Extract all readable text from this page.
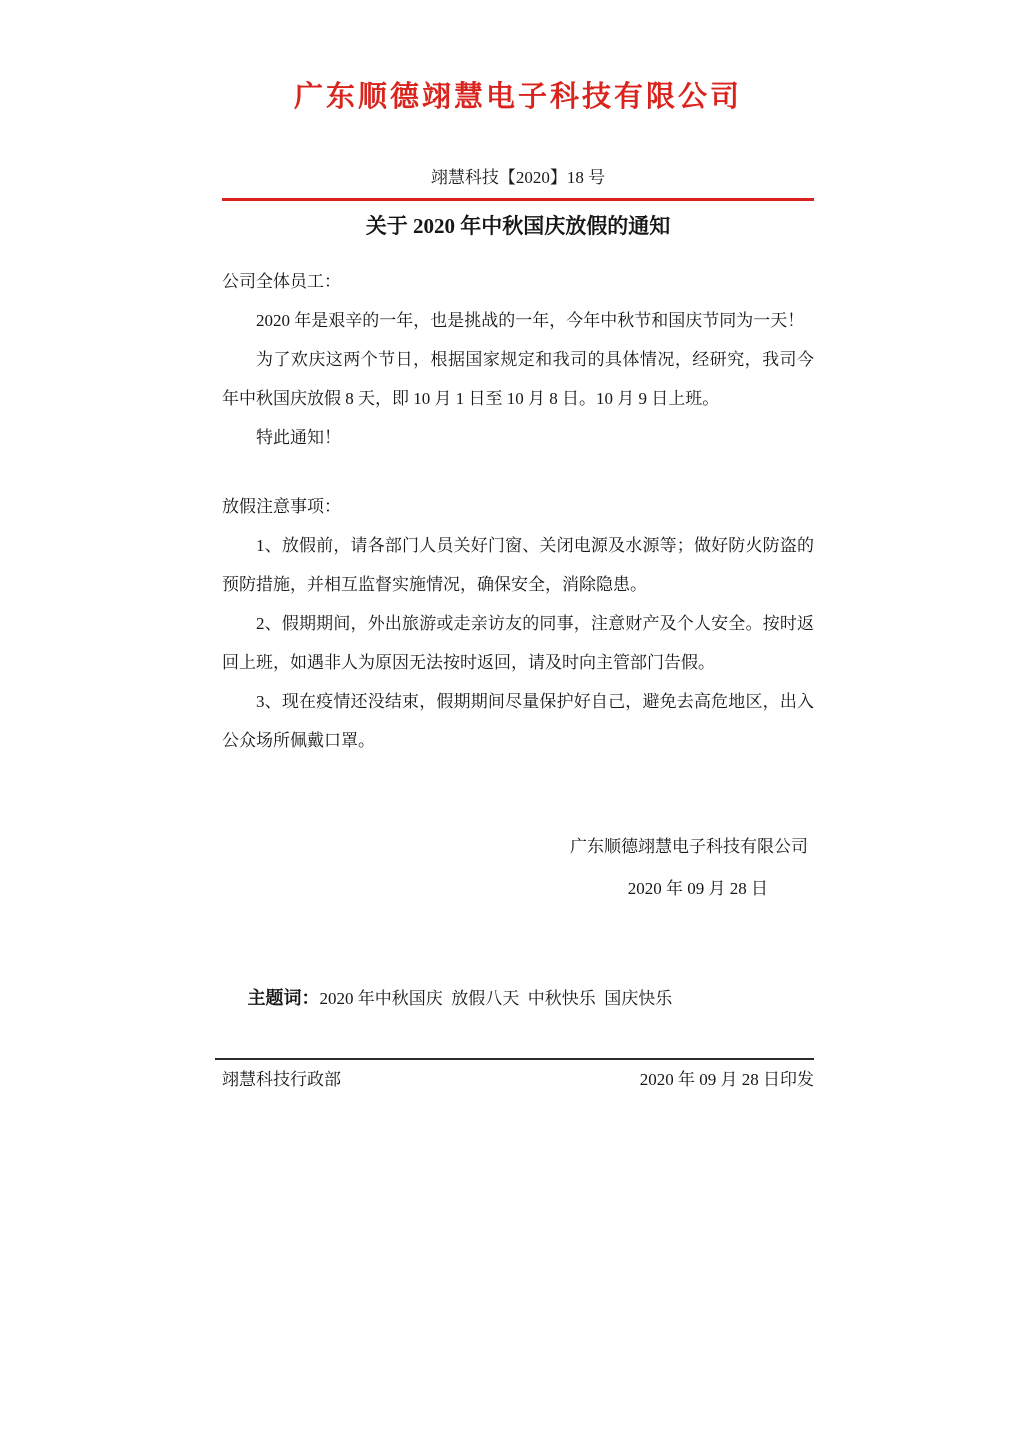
广东顺德翊慧电子科技有限公司
翊慧科技【2020】18 号
关于 2020 年中秋国庆放假的通知
公司全体员工：

2020 年是艰辛的一年，也是挑战的一年，今年中秋节和国庆节同为一天！

为了欢庆这两个节日，根据国家规定和我司的具体情况，经研究，我司今年中秋国庆放假 8 天，即 10 月 1 日至 10 月 8 日。10 月 9 日上班。

特此通知！

放假注意事项：

1、放假前，请各部门人员关好门窗、关闭电源及水源等；做好防火防盗的预防措施，并相互监督实施情况，确保安全，消除隐患。

2、假期期间，外出旅游或走亲访友的同事，注意财产及个人安全。按时返回上班，如遇非人为原因无法按时返回，请及时向主管部门告假。

3、现在疫情还没结束，假期期间尽量保护好自己，避免去高危地区，出入公众场所佩戴口罩。

广东顺德翊慧电子科技有限公司
2020 年 09 月 28 日

主题词：2020 年中秋国庆  放假八天  中秋快乐  国庆快乐

翊慧科技行政部	2020 年 09 月 28 日印发
